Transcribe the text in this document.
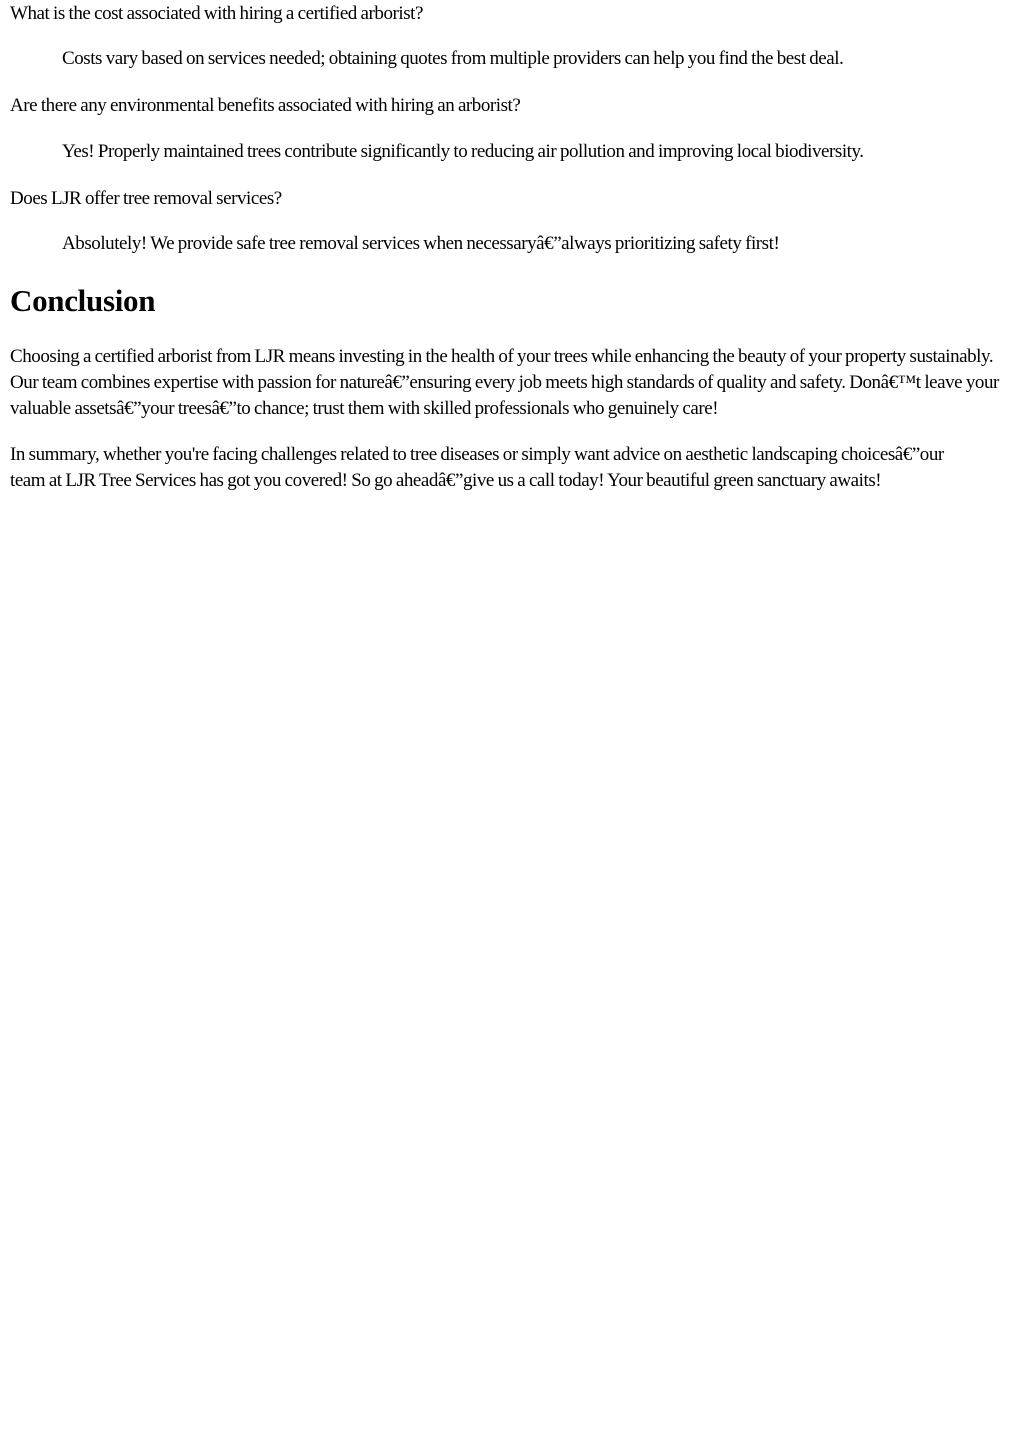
What is the cost associated with hiring a certified arborist?

Costs vary based on services needed; obtaining quotes from multiple providers can help you find the best deal.

Are there any environmental benefits associated with hiring an arborist?

Yes! Properly maintained trees contribute significantly to reducing air pollution and improving local biodiversity.

Does LJR offer tree removal services?

Absolutely! We provide safe tree removal services when necessaryâ€”always prioritizing safety first!

Conclusion

Choosing a certified arborist from LJR means investing in the health of your trees while enhancing the beauty of your property sustainably. Our team combines expertise with passion for natureâ€”ensuring every job meets high standards of quality and safety. Donâ€™t leave your valuable assetsâ€”your treesâ€”to chance; trust them with skilled professionals who genuinely care!

In summary, whether you're facing challenges related to tree diseases or simply want advice on aesthetic landscaping choicesâ€”our team at LJR Tree Services has got you covered! So go aheadâ€”give us a call today! Your beautiful green sanctuary awaits!
